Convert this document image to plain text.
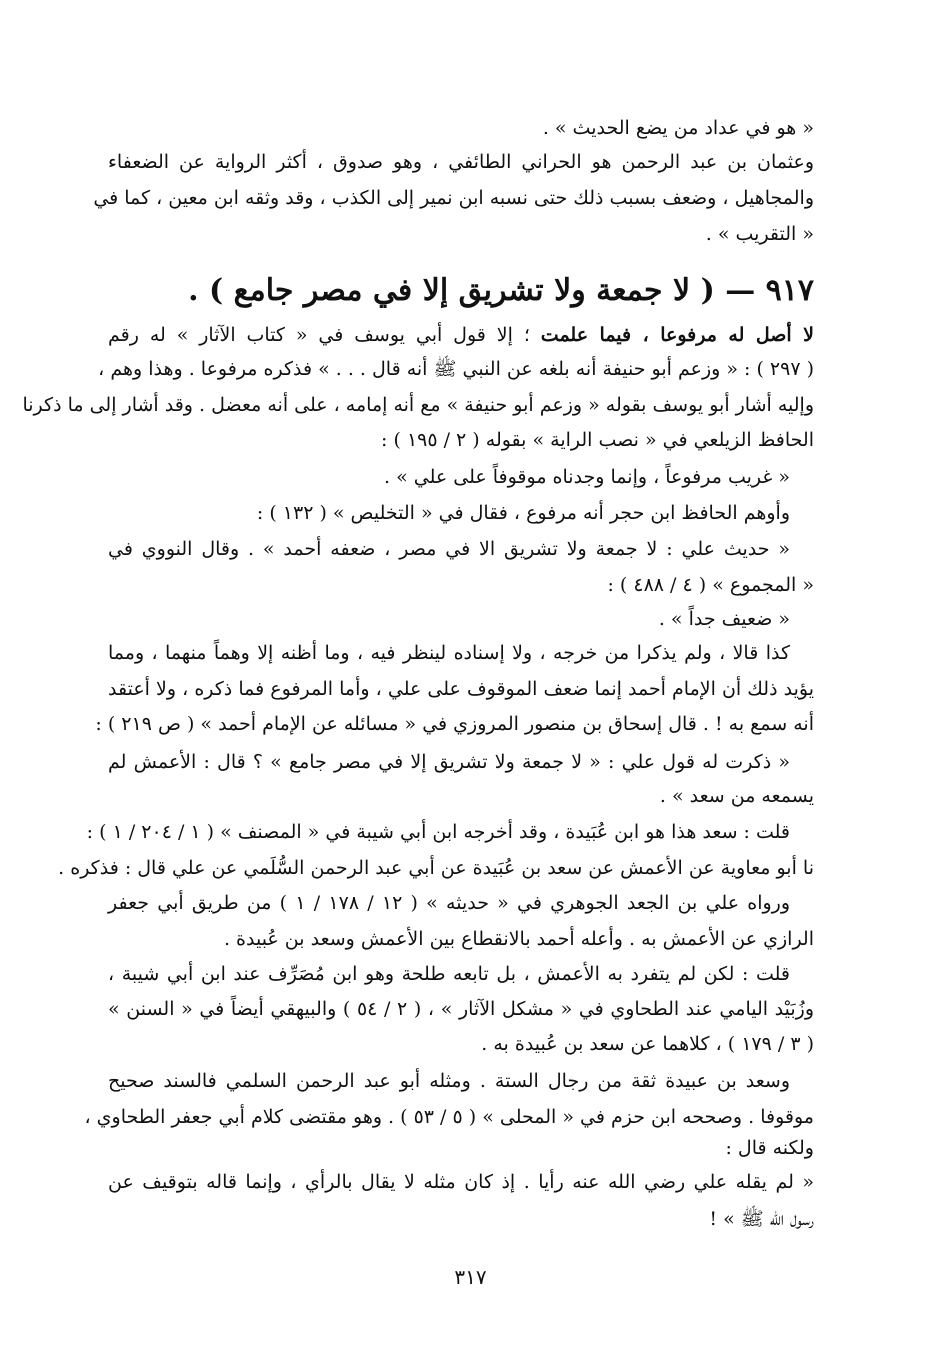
« هو في عداد من يضع الحديث » .
وعثمان بن عبد الرحمن هو الحراني الطائفي ، وهو صدوق ، أكثر الرواية عن الضعفاء
والمجاهيل ، وضعف بسبب ذلك حتى نسبه ابن نمير إلى الكذب ، وقد وثقه ابن معين ، كما في
« التقريب » .
٩١٧ — ( لا جمعة ولا تشريق إلا في مصر جامع ) .
لا أصل له مرفوعا ، فيما علمت ؛ إلا قول أبي يوسف في « كتاب الآثار » له رقم
( ٢٩٧ ) : « وزعم أبو حنيفة أنه بلغه عن النبي ﷺ أنه قال . . . » فذكره مرفوعا . وهذا وهم ،
وإليه أشار أبو يوسف بقوله « وزعم أبو حنيفة » مع أنه إمامه ، على أنه معضل . وقد أشار إلى ما ذكرنا
الحافظ الزيلعي في « نصب الراية » بقوله ( ٢ / ١٩٥ ) :
« غريب مرفوعاً ، وإنما وجدناه موقوفاً على علي » .
وأوهم الحافظ ابن حجر أنه مرفوع ، فقال في « التخليص » ( ١٣٢ ) :
« حديث علي : لا جمعة ولا تشريق الا في مصر ، ضعفه أحمد » . وقال النووي في
« المجموع » ( ٤ / ٤٨٨ ) :
« ضعيف جداً » .
كذا قالا ، ولم يذكرا من خرجه ، ولا إسناده لينظر فيه ، وما أظنه إلا وهماً منهما ، ومما
يؤيد ذلك أن الإمام أحمد إنما ضعف الموقوف على علي ، وأما المرفوع فما ذكره ، ولا أعتقد
أنه سمع به ! . قال إسحاق بن منصور المروزي في « مسائله عن الإمام أحمد » ( ص ٢١٩ ) :
« ذكرت له قول علي : « لا جمعة ولا تشريق إلا في مصر جامع » ؟ قال : الأعمش لم
يسمعه من سعد » .
قلت : سعد هذا هو ابن عُبَيدة ، وقد أخرجه ابن أبي شيبة في « المصنف » ( ١ / ٢٠٤ / ١ ) :
نا أبو معاوية عن الأعمش عن سعد بن عُبَيدة عن أبي عبد الرحمن السُّلَمي عن علي قال : فذكره .
ورواه علي بن الجعد الجوهري في « حديثه » ( ١٢ / ١٧٨ / ١ ) من طريق أبي جعفر
الرازي عن الأعمش به . وأعله أحمد بالانقطاع بين الأعمش وسعد بن عُبيدة .
قلت : لكن لم يتفرد به الأعمش ، بل تابعه طلحة وهو ابن مُصَرِّف عند ابن أبي شيبة ،
وزُبَيْد اليامي عند الطحاوي في « مشكل الآثار » ، ( ٢ / ٥٤ ) والبيهقي أيضاً في « السنن »
( ٣ / ١٧٩ ) ، كلاهما عن سعد بن عُبيدة به .
وسعد بن عبيدة ثقة من رجال الستة . ومثله أبو عبد الرحمن السلمي فالسند صحيح
موقوفا . وصححه ابن حزم في « المحلى » ( ٥ / ٥٣ ) . وهو مقتضى كلام أبي جعفر الطحاوي ،
ولكنه قال :
« لم يقله علي رضي الله عنه رأيا . إذ كان مثله لا يقال بالرأي ، وإنما قاله بتوقيف عن
رسول الله ﷺ » !
٣١٧
